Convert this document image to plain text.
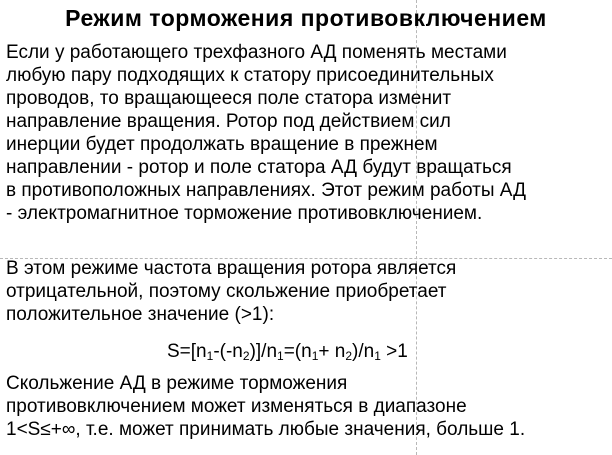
Режим торможения противовключением
Если у работающего трехфазного АД поменять местами
любую пару подходящих к статору присоединительных
проводов, то вращающееся поле статора изменит
направление вращения. Ротор под действием сил
инерции будет продолжать вращение в прежнем
направлении - ротор и поле статора АД будут вращаться
в противоположных направлениях. Этот режим работы АД
- электромагнитное торможение противовключением.
В этом режиме частота вращения ротора является
отрицательной, поэтому скольжение приобретает
положительное значение (>1):
$S=[n_1-(-n_2)]/n_1=(n_1+ n_2)/n_1 >1$
Скольжение АД в режиме торможения
противовключением может изменяться в диапазоне
1<S≤+∞, т.е. может принимать любые значения, больше 1.
